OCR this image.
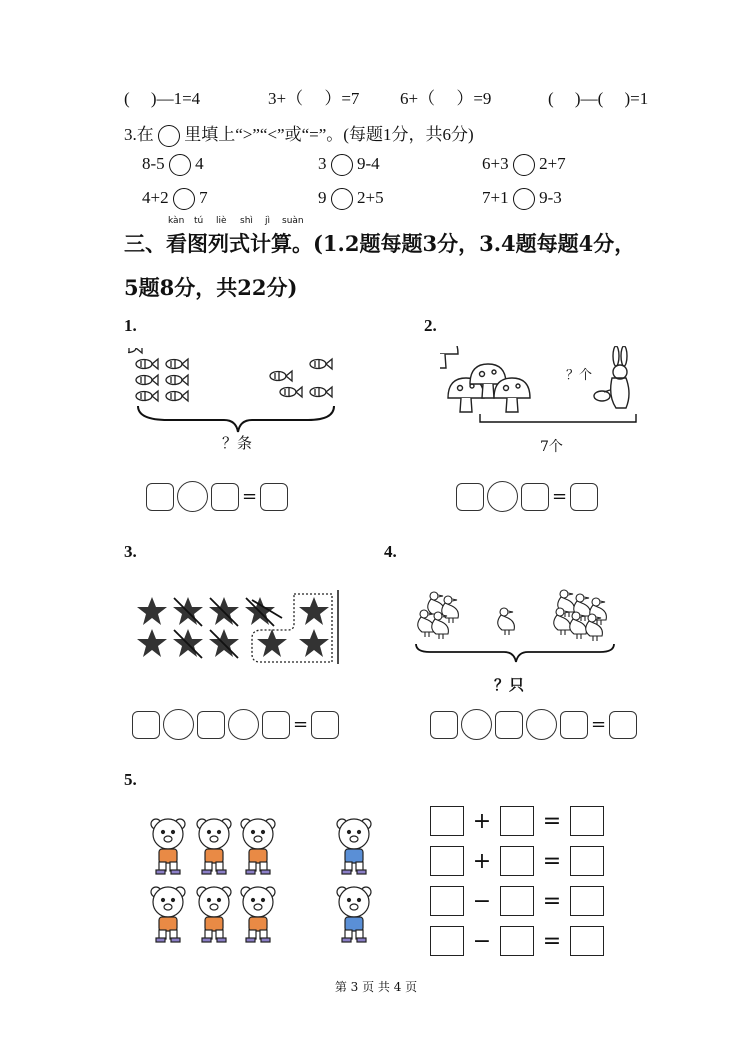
(　 )—1=4	3+（　 ）=7 6+（　 ）=9	(　 )—(　 )=1
3.在 里填上“>”“<”或“=”。(每题1分，共6分)
8-5 4	3 9-4	6+3 2+7
4+2 7	9 2+5	7+1 9-3
kàn tú liè shì jì suàn
三、看图列式计算。(1.2题每题3分，3.4题每题4分，
5题8分，共22分)
1.	2.
3.	4.
5.
？条
？个
7个
=	=
？只
=	=
+	=
+	=
−	=
−	=
第 3 页 共 4 页
